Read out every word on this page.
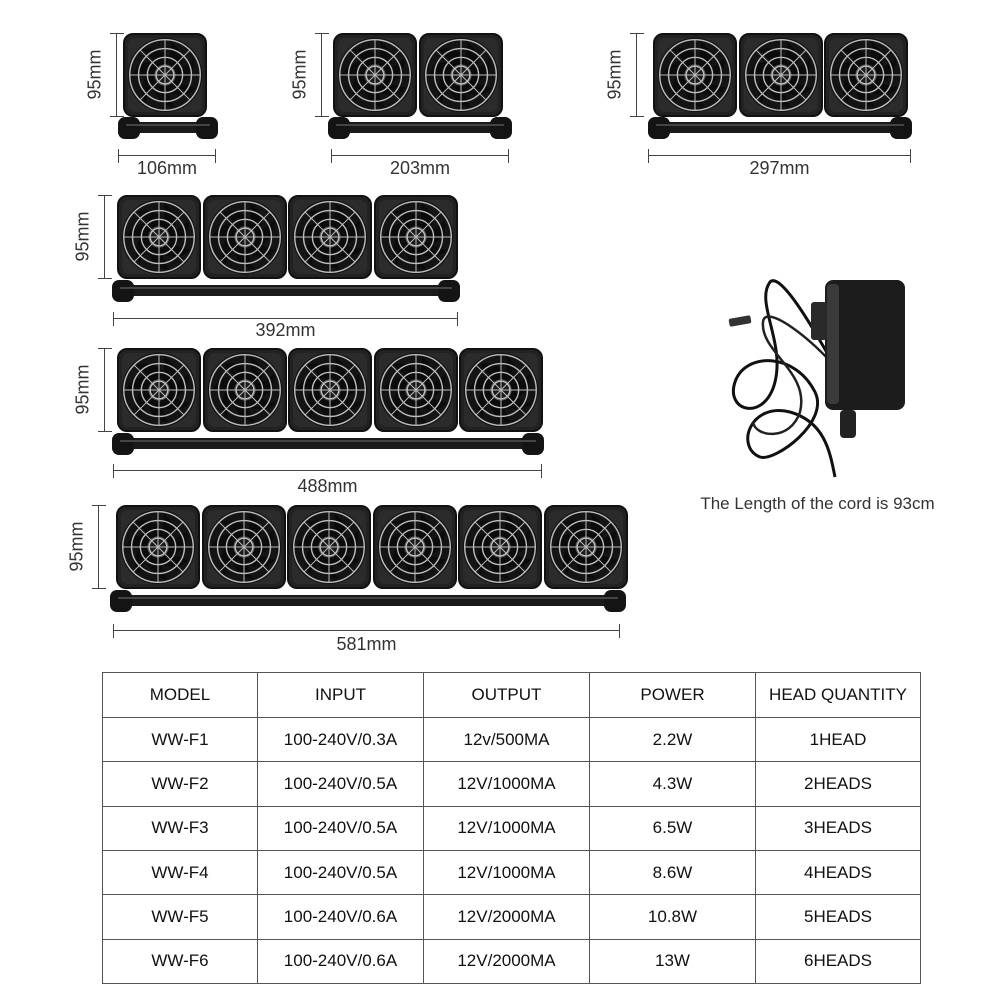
95mm
106mm
95mm
203mm
95mm
297mm
95mm
392mm
95mm
488mm
95mm
581mm
The Length of the cord is 93cm
MODEL	INPUT	OUTPUT	POWER	HEAD QUANTITY
WW-F1	100-240V/0.3A	12v/500MA	2.2W	1HEAD
WW-F2	100-240V/0.5A	12V/1000MA	4.3W	2HEADS
WW-F3	100-240V/0.5A	12V/1000MA	6.5W	3HEADS
WW-F4	100-240V/0.5A	12V/1000MA	8.6W	4HEADS
WW-F5	100-240V/0.6A	12V/2000MA	10.8W	5HEADS
WW-F6	100-240V/0.6A	12V/2000MA	13W	6HEADS
